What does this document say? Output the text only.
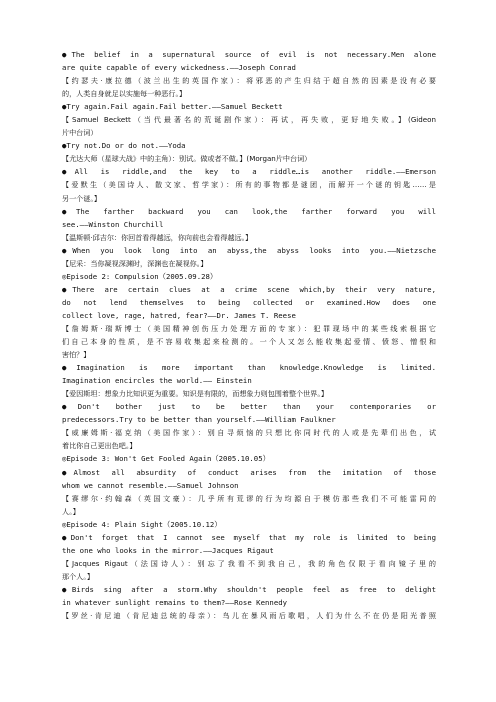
●The belief in a supernatural source of evil is not necessary.Men alone
are quite capable of every wickedness.——Joseph Conrad
【约瑟夫·康拉德（波兰出生的英国作家）：将邪恶的产生归结于超自然的因素是没有必要
的，人类自身就足以实施每一种恶行。】
●Try again.Fail again.Fail better.——Samuel Beckett
【Samuel Beckett（当代最著名的荒诞剧作家）：再试，再失败，更好地失败。】(Gideon
片中台词）
●Try not.Do or do not.——Yoda
【尤达大师（星球大战》中的主角）：别试。做或者不做。】(Morgan片中台词）
●All is riddle,and the key to a riddle…is another riddle.——Emerson
【爱默生（美国诗人、散文家、哲学家）：所有的事物都是谜团，而解开一个谜的钥匙……是
另一个谜。】
●The farther backward you can look,the farther forward you will
see.——Winston Churchill
【温斯顿·邱吉尔：你回首看得越远，你向前也会看得越远。】
●When you look long into an abyss,the abyss looks into you.——Nietzsche
【尼采：当你凝视深渊时，深渊也在凝视你。】
◎Episode 2: Compulsion（2005.09.28）
●There are certain clues at a crime scene which,by their very nature,
do not lend themselves to being collected or examined.How does one
collect love, rage, hatred, fear?——Dr. James T. Reese
【詹姆斯·瑞斯博士（美国精神创伤压力处理方面的专家）：犯罪现场中的某些线索根据它
们自己本身的性质，是不容易收集起来检测的。一个人又怎么能收集起爱情、愤怒、憎恨和
害怕？】
●Imagination is more important than knowledge.Knowledge is limited.
Imagination encircles the world.—— Einstein
【爱因斯坦：想象力比知识更为重要。知识是有限的，而想象力则包围着整个世界。】
●Don't bother just to be better than your contemporaries or
predecessors.Try to be better than yourself.——William Faulkner
【威廉姆斯·福克纳（美国作家）：别自寻烦恼的只想比你同时代的人或是先辈们出色，试
着比你自己更出色吧。】
◎Episode 3: Won't Get Fooled Again（2005.10.05）
●Almost all absurdity of conduct arises from the imitation of those
whom we cannot resemble.——Samuel Johnson
【赛缪尔·约翰森（英国文豪）：几乎所有荒谬的行为均源自于模仿那些我们不可能雷同的
人。】
◎Episode 4: Plain Sight（2005.10.12）
●Don't forget that I cannot see myself that my role is limited to being
the one who looks in the mirror.——Jacques Rigaut
【Jacques Rigaut（法国诗人）：别忘了我看不到我自己，我的角色仅限于看向镜子里的
那个人。】
●Birds sing after a storm.Why shouldn't people feel as free to delight
in whatever sunlight remains to them?——Rose Kennedy
【罗丝·肯尼迪（肯尼迪总统的母亲）：鸟儿在暴风雨后歌唱，人们为什么不在仍是阳光普照
